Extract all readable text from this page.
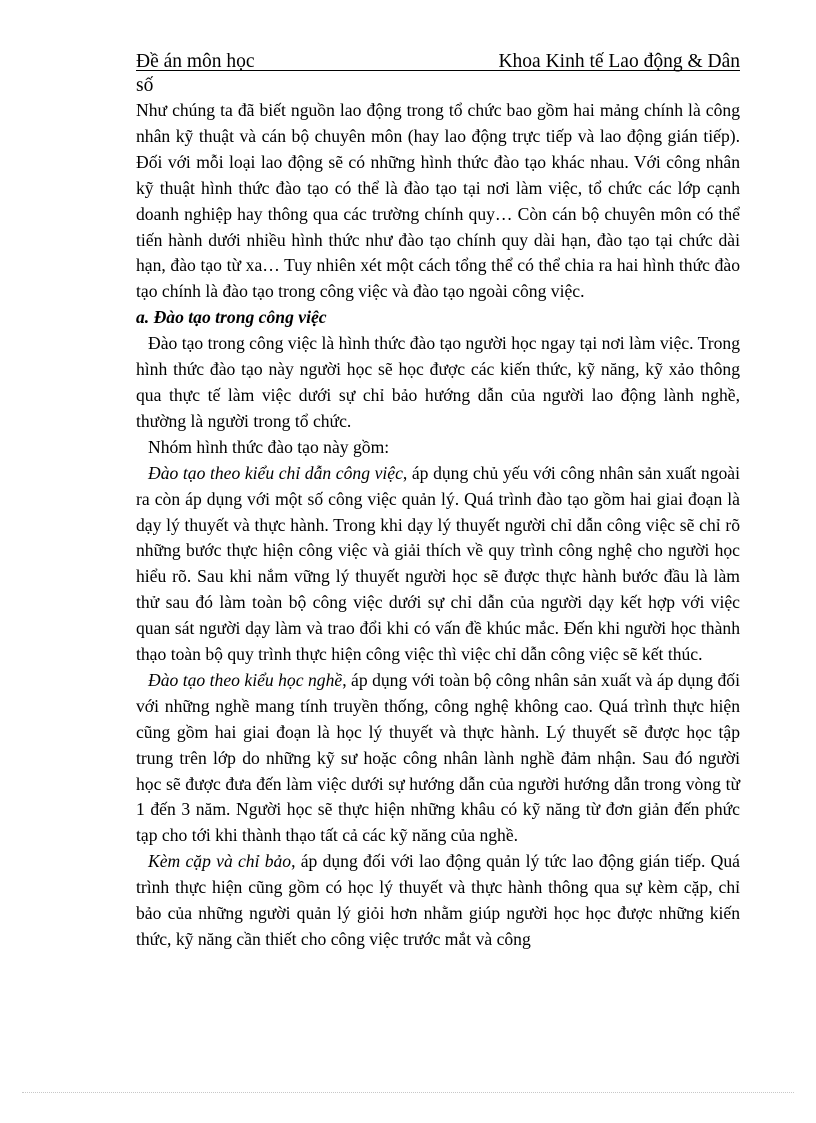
Đề án môn học	Khoa Kinh tế Lao động & Dân
số

Như chúng ta đã biết nguồn lao động trong tổ chức bao gồm hai mảng chính là công nhân kỹ thuật và cán bộ chuyên môn (hay lao động trực tiếp và lao động gián tiếp). Đối với mỗi loại lao động sẽ có những hình thức đào tạo khác nhau. Với công nhân kỹ thuật hình thức đào tạo có thể là đào tạo tại nơi làm việc, tổ chức các lớp cạnh doanh nghiệp hay thông qua các trường chính quy… Còn cán bộ chuyên môn có thể tiến hành dưới nhiều hình thức như đào tạo chính quy dài hạn, đào tạo tại chức dài hạn, đào tạo từ xa… Tuy nhiên xét một cách tổng thể có thể chia ra hai hình thức đào tạo chính là đào tạo trong công việc và đào tạo ngoài công việc.

a. Đào tạo trong công việc

Đào tạo trong công việc là hình thức đào tạo người học ngay tại nơi làm việc. Trong hình thức đào tạo này người học sẽ học được các kiến thức, kỹ năng, kỹ xảo thông qua thực tế làm việc dưới sự chỉ bảo hướng dẫn của người lao động lành nghề, thường là người trong tổ chức.

Nhóm hình thức đào tạo này gồm:

Đào tạo theo kiểu chỉ dẫn công việc, áp dụng chủ yếu với công nhân sản xuất ngoài ra còn áp dụng với một số công việc quản lý. Quá trình đào tạo gồm hai giai đoạn là dạy lý thuyết và thực hành. Trong khi dạy lý thuyết người chỉ dẫn công việc sẽ chỉ rõ những bước thực hiện công việc và giải thích về quy trình công nghệ cho người học hiểu rõ. Sau khi nắm vững lý thuyết người học sẽ được thực hành bước đầu là làm thử sau đó làm toàn bộ công việc dưới sự chỉ dẫn của người dạy kết hợp với việc quan sát người dạy làm và trao đổi khi có vấn đề khúc mắc. Đến khi người học thành thạo toàn bộ quy trình thực hiện công việc thì việc chỉ dẫn công việc sẽ kết thúc.

Đào tạo theo kiểu học nghề, áp dụng với toàn bộ công nhân sản xuất và áp dụng đối với những nghề mang tính truyền thống, công nghệ không cao. Quá trình thực hiện cũng gồm hai giai đoạn là học lý thuyết và thực hành. Lý thuyết sẽ được học tập trung trên lớp do những kỹ sư hoặc công nhân lành nghề đảm nhận. Sau đó người học sẽ được đưa đến làm việc dưới sự hướng dẫn của người hướng dẫn trong vòng từ 1 đến 3 năm. Người học sẽ thực hiện những khâu có kỹ năng từ đơn giản đến phức tạp cho tới khi thành thạo tất cả các kỹ năng của nghề.

Kèm cặp và chỉ bảo, áp dụng đối với lao động quản lý tức lao động gián tiếp. Quá trình thực hiện cũng gồm có học lý thuyết và thực hành thông qua sự kèm cặp, chỉ bảo của những người quản lý giỏi hơn nhằm giúp người học học được những kiến thức, kỹ năng cần thiết cho công việc trước mắt và công
